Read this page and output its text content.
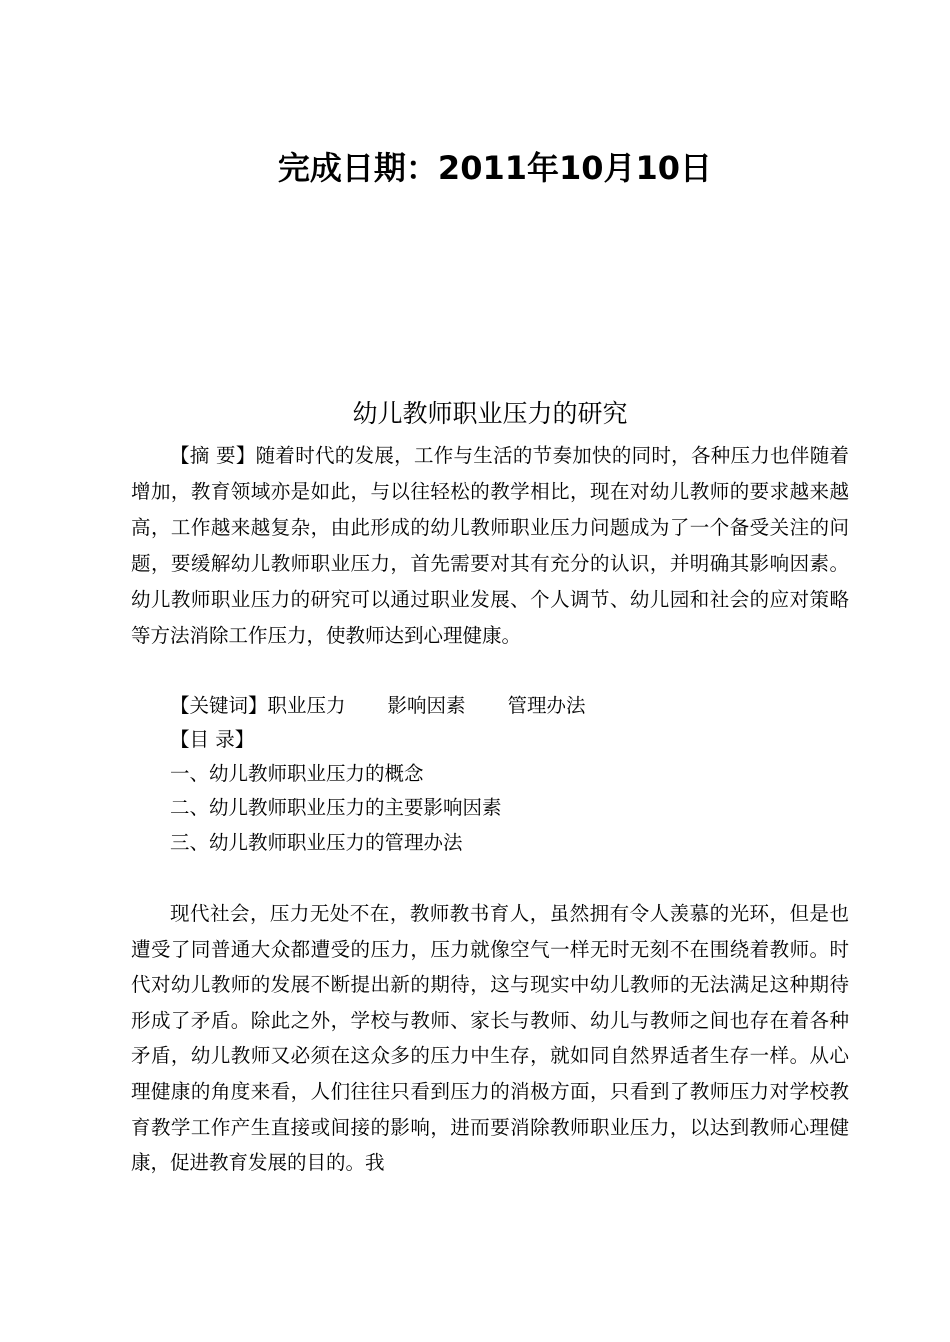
完成日期：2011年10月10日
幼儿教师职业压力的研究
【摘 要】随着时代的发展，工作与生活的节奏加快的同时，各种压力也伴随着增加，教育领域亦是如此，与以往轻松的教学相比，现在对幼儿教师的要求越来越高，工作越来越复杂，由此形成的幼儿教师职业压力问题成为了一个备受关注的问题，要缓解幼儿教师职业压力，首先需要对其有充分的认识，并明确其影响因素。幼儿教师职业压力的研究可以通过职业发展、个人调节、幼儿园和社会的应对策略等方法消除工作压力，使教师达到心理健康。
【关键词】职业压力 影响因素 管理办法
【目 录】
一、幼儿教师职业压力的概念
二、幼儿教师职业压力的主要影响因素
三、幼儿教师职业压力的管理办法
现代社会，压力无处不在，教师教书育人，虽然拥有令人羡慕的光环，但是也遭受了同普通大众都遭受的压力，压力就像空气一样无时无刻不在围绕着教师。时代对幼儿教师的发展不断提出新的期待，这与现实中幼儿教师的无法满足这种期待形成了矛盾。除此之外，学校与教师、家长与教师、幼儿与教师之间也存在着各种矛盾，幼儿教师又必须在这众多的压力中生存，就如同自然界适者生存一样。从心理健康的角度来看，人们往往只看到压力的消极方面，只看到了教师压力对学校教育教学工作产生直接或间接的影响，进而要消除教师职业压力，以达到教师心理健康，促进教育发展的目的。我
